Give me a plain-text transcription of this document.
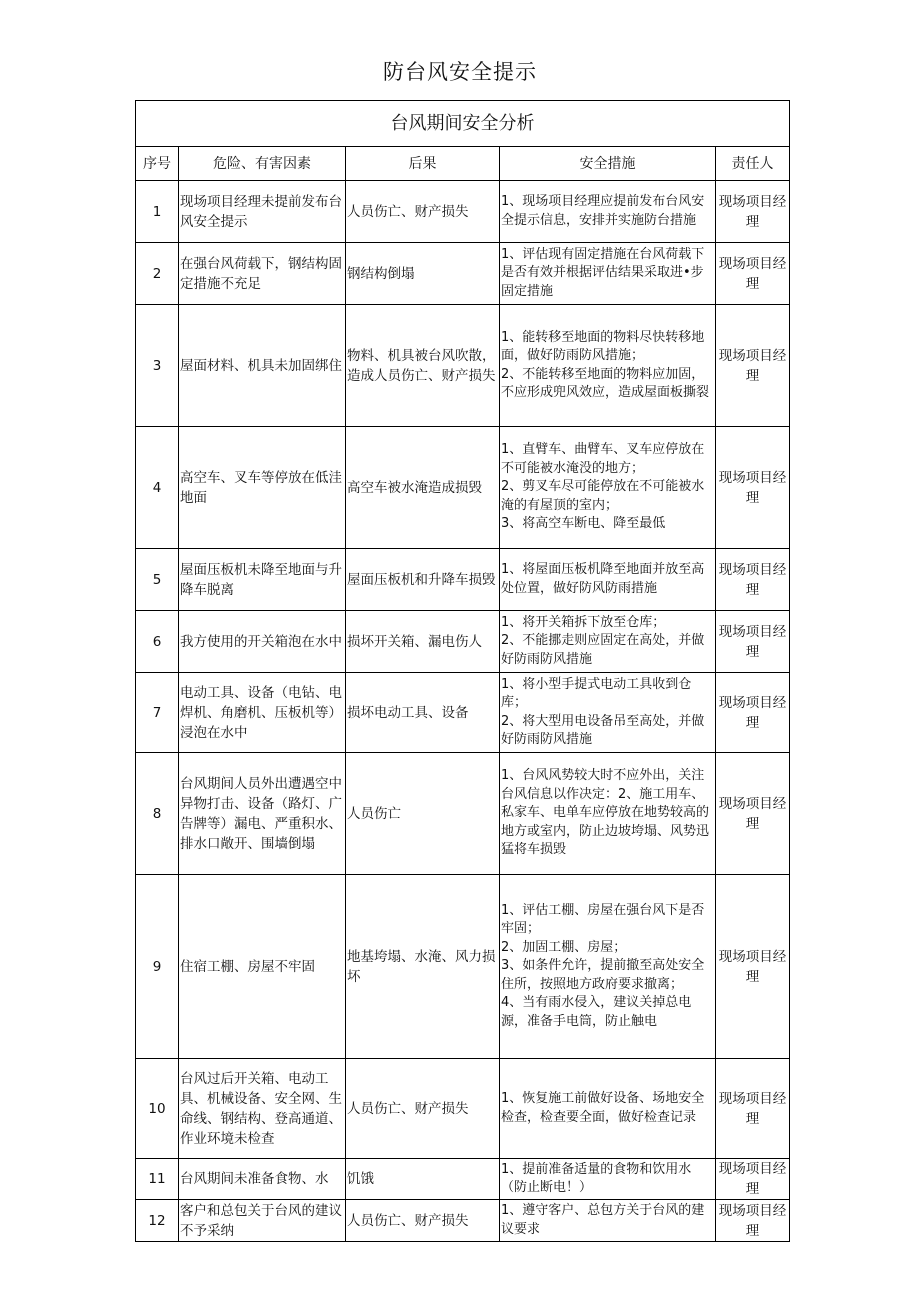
防台风安全提示
台风期间安全分析				
序号	危险、有害因素	后果	安全措施	责任人
1	现场项目经理未提前发布台风安全提示	人员伤亡、财产损失	1、现场项目经理应提前发布台风安全提示信息，安排并实施防台措施	现场项目经理
2	在强台风荷载下，钢结构固定措施不充足	钢结构倒塌	1、评估现有固定措施在台风荷载下是否有效并根据评估结果采取进•步固定措施	现场项目经理
3	屋面材料、机具未加固绑住	物料、机具被台风吹散，造成人员伤亡、财产损失	1、能转移至地面的物料尽快转移地面，做好防雨防风措施；
2、不能转移至地面的物料应加固，不应形成兜风效应，造成屋面板撕裂	现场项目经理
4	高空车、叉车等停放在低洼地面	高空车被水淹造成损毁	1、直臂车、曲臂车、叉车应停放在不可能被水淹没的地方；
2、剪叉车尽可能停放在不可能被水淹的有屋顶的室内；
3、将高空车断电、降至最低	现场项目经理
5	屋面压板机未降至地面与升降车脱离	屋面压板机和升降车损毁	1、将屋面压板机降至地面并放至高处位置，做好防风防雨措施	现场项目经理
6	我方使用的开关箱泡在水中	损坏开关箱、漏电伤人	1、将开关箱拆下放至仓库；
2、不能挪走则应固定在高处，并做好防雨防风措施	现场项目经理
7	电动工具、设备（电钻、电焊机、角磨机、压板机等）浸泡在水中	损坏电动工具、设备	1、将小型手提式电动工具收到仓库；
2、将大型用电设备吊至高处，并做好防雨防风措施	现场项目经理
8	台风期间人员外出遭遇空中异物打击、设备（路灯、广告牌等）漏电、严重积水、排水口敞开、围墙倒塌	人员伤亡	1、台风风势较大时不应外出，关注台风信息以作决定：2、施工用车、私家车、电单车应停放在地势较高的地方或室内，防止边坡垮塌、风势迅猛将车损毁	现场项目经理
9	住宿工棚、房屋不牢固	地基垮塌、水淹、风力损坏	1、评估工棚、房屋在强台风下是否牢固；
2、加固工棚、房屋；
3、如条件允许，提前撤至高处安全住所，按照地方政府要求撤离；
4、当有雨水侵入，建议关掉总电源，准备手电筒，防止触电	现场项目经理
10	台风过后开关箱、电动工具、机械设备、安全网、生命线、钢结构、登高通道、作业环境未检查	人员伤亡、财产损失	1、恢复施工前做好设备、场地安全检查，检查要全面，做好检查记录	现场项目经理
11	台风期间未准备食物、水	饥饿	1、提前准备适量的食物和饮用水（防止断电！）	现场项目经理
12	客户和总包关于台风的建议不予采纳	人员伤亡、财产损失	1、遵守客户、总包方关于台风的建议要求	现场项目经理
